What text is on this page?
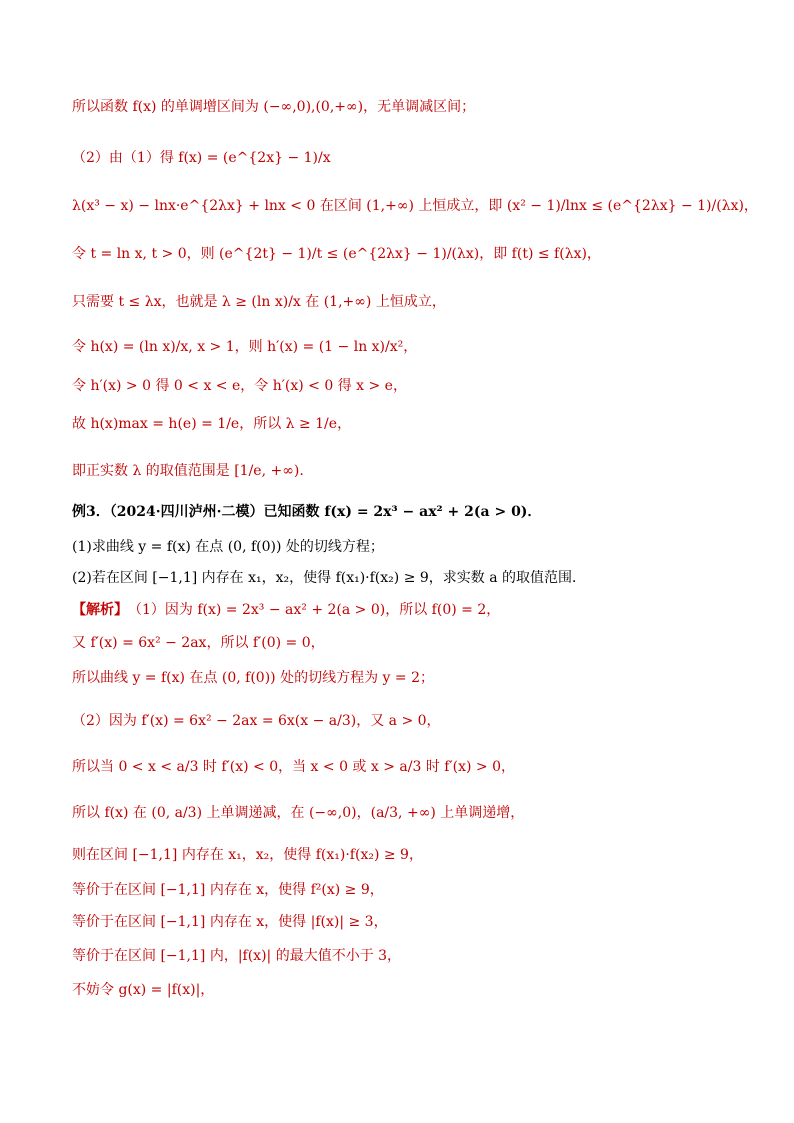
所以函数 f(x) 的单调增区间为 (−∞,0),(0,+∞)，无单调减区间；
（2）由（1）得 f(x) = (e^{2x} − 1)/x
λ(x³ − x) − lnx·e^{2λx} + lnx < 0 在区间 (1,+∞) 上恒成立，即 (x² − 1)/lnx ≤ (e^{2λx} − 1)/(λx)，
令 t = ln x, t > 0，则 (e^{2t} − 1)/t ≤ (e^{2λx} − 1)/(λx)，即 f(t) ≤ f(λx)，
只需要 t ≤ λx，也就是 λ ≥ (ln x)/x 在 (1,+∞) 上恒成立，
令 h(x) = (ln x)/x, x > 1，则 h′(x) = (1 − ln x)/x²，
令 h′(x) > 0 得 0 < x < e，令 h′(x) < 0 得 x > e，
故 h(x)max = h(e) = 1/e，所以 λ ≥ 1/e，
即正实数 λ 的取值范围是 [1/e, +∞).
例3．（2024·四川泸州·二模）已知函数 f(x) = 2x³ − ax² + 2(a > 0)．
(1)求曲线 y = f(x) 在点 (0, f(0)) 处的切线方程；
(2)若在区间 [−1,1] 内存在 x₁，x₂，使得 f(x₁)·f(x₂) ≥ 9，求实数 a 的取值范围．
【解析】 （1）因为 f(x) = 2x³ − ax² + 2(a > 0)，所以 f(0) = 2，
又 f′(x) = 6x² − 2ax，所以 f′(0) = 0，
所以曲线 y = f(x) 在点 (0, f(0)) 处的切线方程为 y = 2；
（2）因为 f′(x) = 6x² − 2ax = 6x(x − a/3)，又 a > 0，
所以当 0 < x < a/3 时 f′(x) < 0，当 x < 0 或 x > a/3 时 f′(x) > 0，
所以 f(x) 在 (0, a/3) 上单调递减，在 (−∞,0)，(a/3, +∞) 上单调递增，
则在区间 [−1,1] 内存在 x₁，x₂，使得 f(x₁)·f(x₂) ≥ 9，
等价于在区间 [−1,1] 内存在 x，使得 f²(x) ≥ 9，
等价于在区间 [−1,1] 内存在 x，使得 |f(x)| ≥ 3，
等价于在区间 [−1,1] 内，|f(x)| 的最大值不小于 3，
不妨令 g(x) = |f(x)|，
